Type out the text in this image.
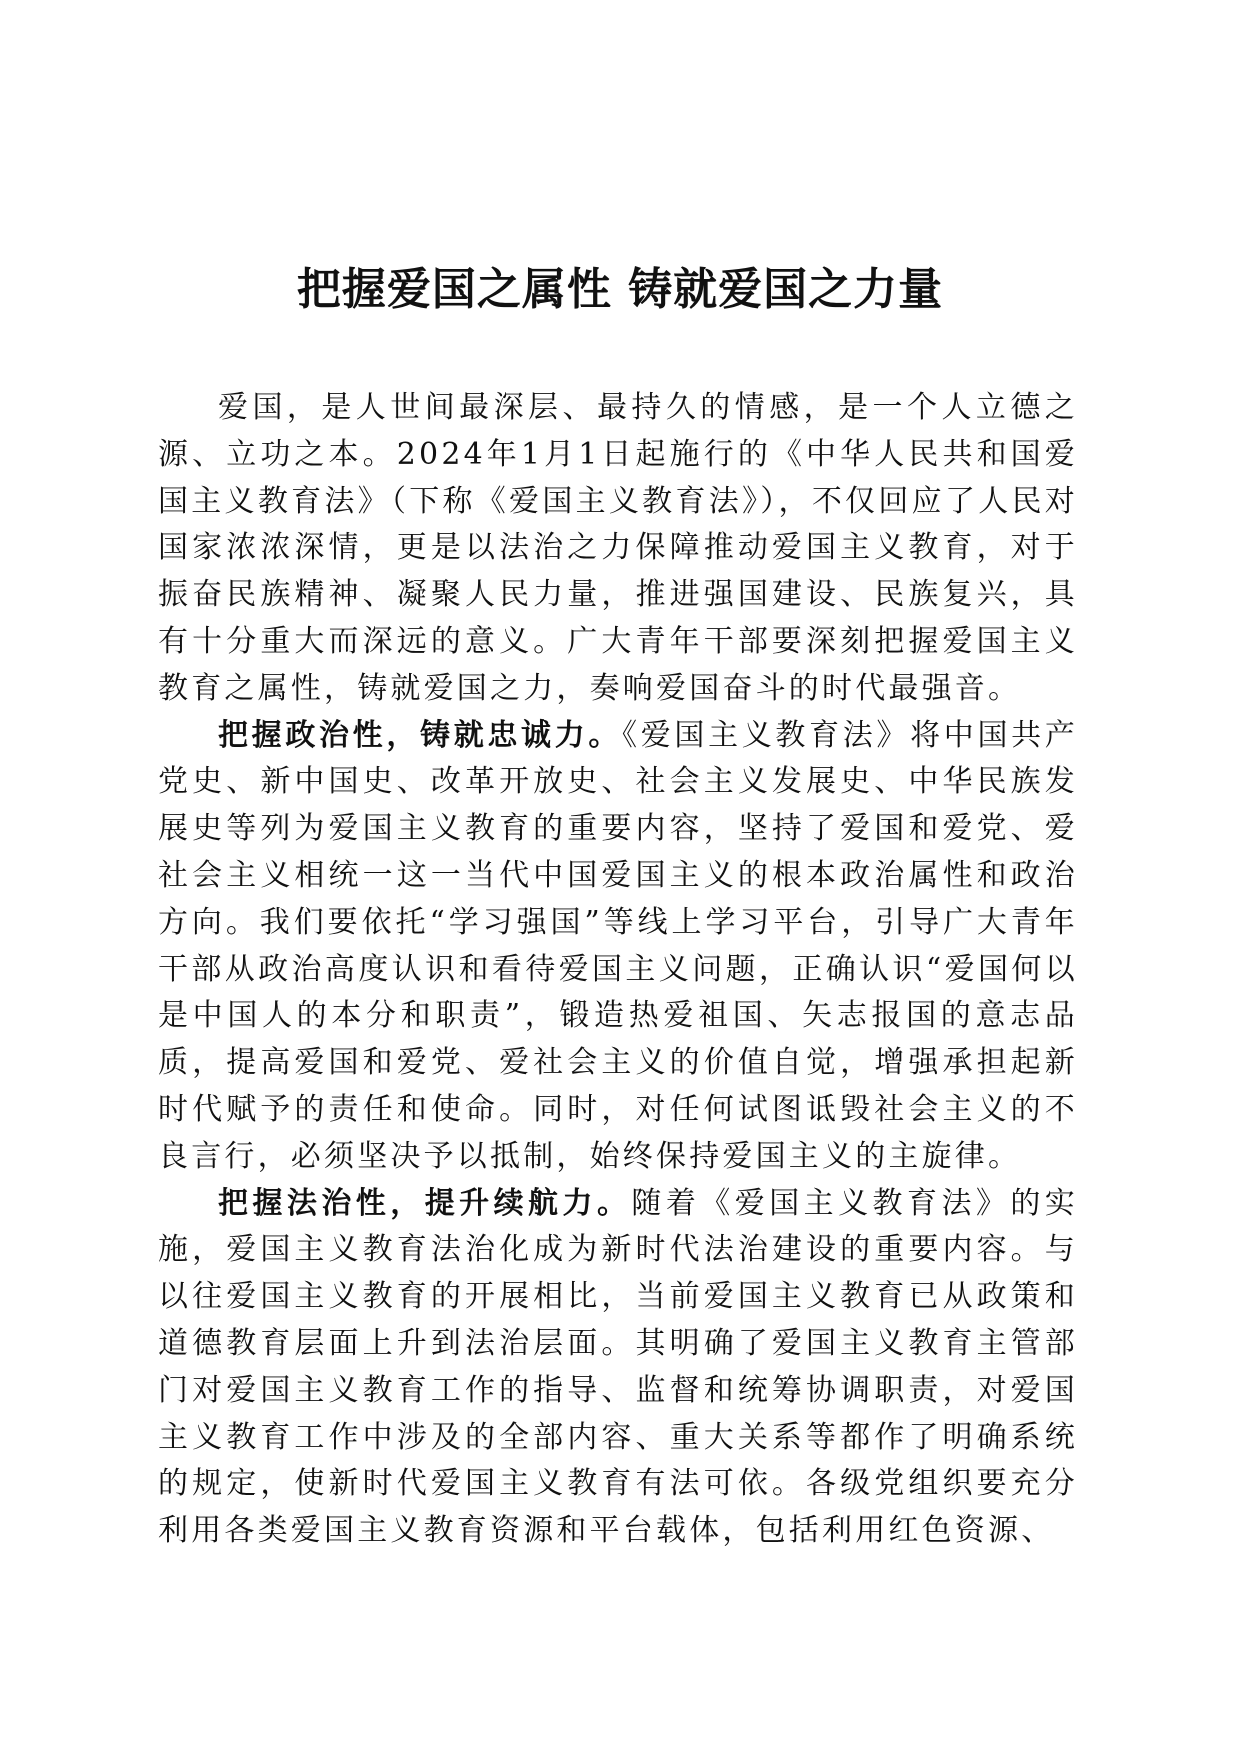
把握爱国之属性 铸就爱国之力量

爱国，是人世间最深层、最持久的情感，是一个人立德之源、立功之本。2024年1月1日起施行的《中华人民共和国爱国主义教育法》（下称《爱国主义教育法》），不仅回应了人民对国家浓浓深情，更是以法治之力保障推动爱国主义教育，对于振奋民族精神、凝聚人民力量，推进强国建设、民族复兴，具有十分重大而深远的意义。广大青年干部要深刻把握爱国主义教育之属性，铸就爱国之力，奏响爱国奋斗的时代最强音。

把握政治性，铸就忠诚力。《爱国主义教育法》将中国共产党史、新中国史、改革开放史、社会主义发展史、中华民族发展史等列为爱国主义教育的重要内容，坚持了爱国和爱党、爱社会主义相统一这一当代中国爱国主义的根本政治属性和政治方向。我们要依托“学习强国”等线上学习平台，引导广大青年干部从政治高度认识和看待爱国主义问题，正确认识“爱国何以是中国人的本分和职责”，锻造热爱祖国、矢志报国的意志品质，提高爱国和爱党、爱社会主义的价值自觉，增强承担起新时代赋予的责任和使命。同时，对任何试图诋毁社会主义的不良言行，必须坚决予以抵制，始终保持爱国主义的主旋律。

把握法治性，提升续航力。随着《爱国主义教育法》的实施，爱国主义教育法治化成为新时代法治建设的重要内容。与以往爱国主义教育的开展相比，当前爱国主义教育已从政策和道德教育层面上升到法治层面。其明确了爱国主义教育主管部门对爱国主义教育工作的指导、监督和统筹协调职责，对爱国主义教育工作中涉及的全部内容、重大关系等都作了明确系统的规定，使新时代爱国主义教育有法可依。各级党组织要充分利用各类爱国主义教育资源和平台载体，包括利用红色资源、
